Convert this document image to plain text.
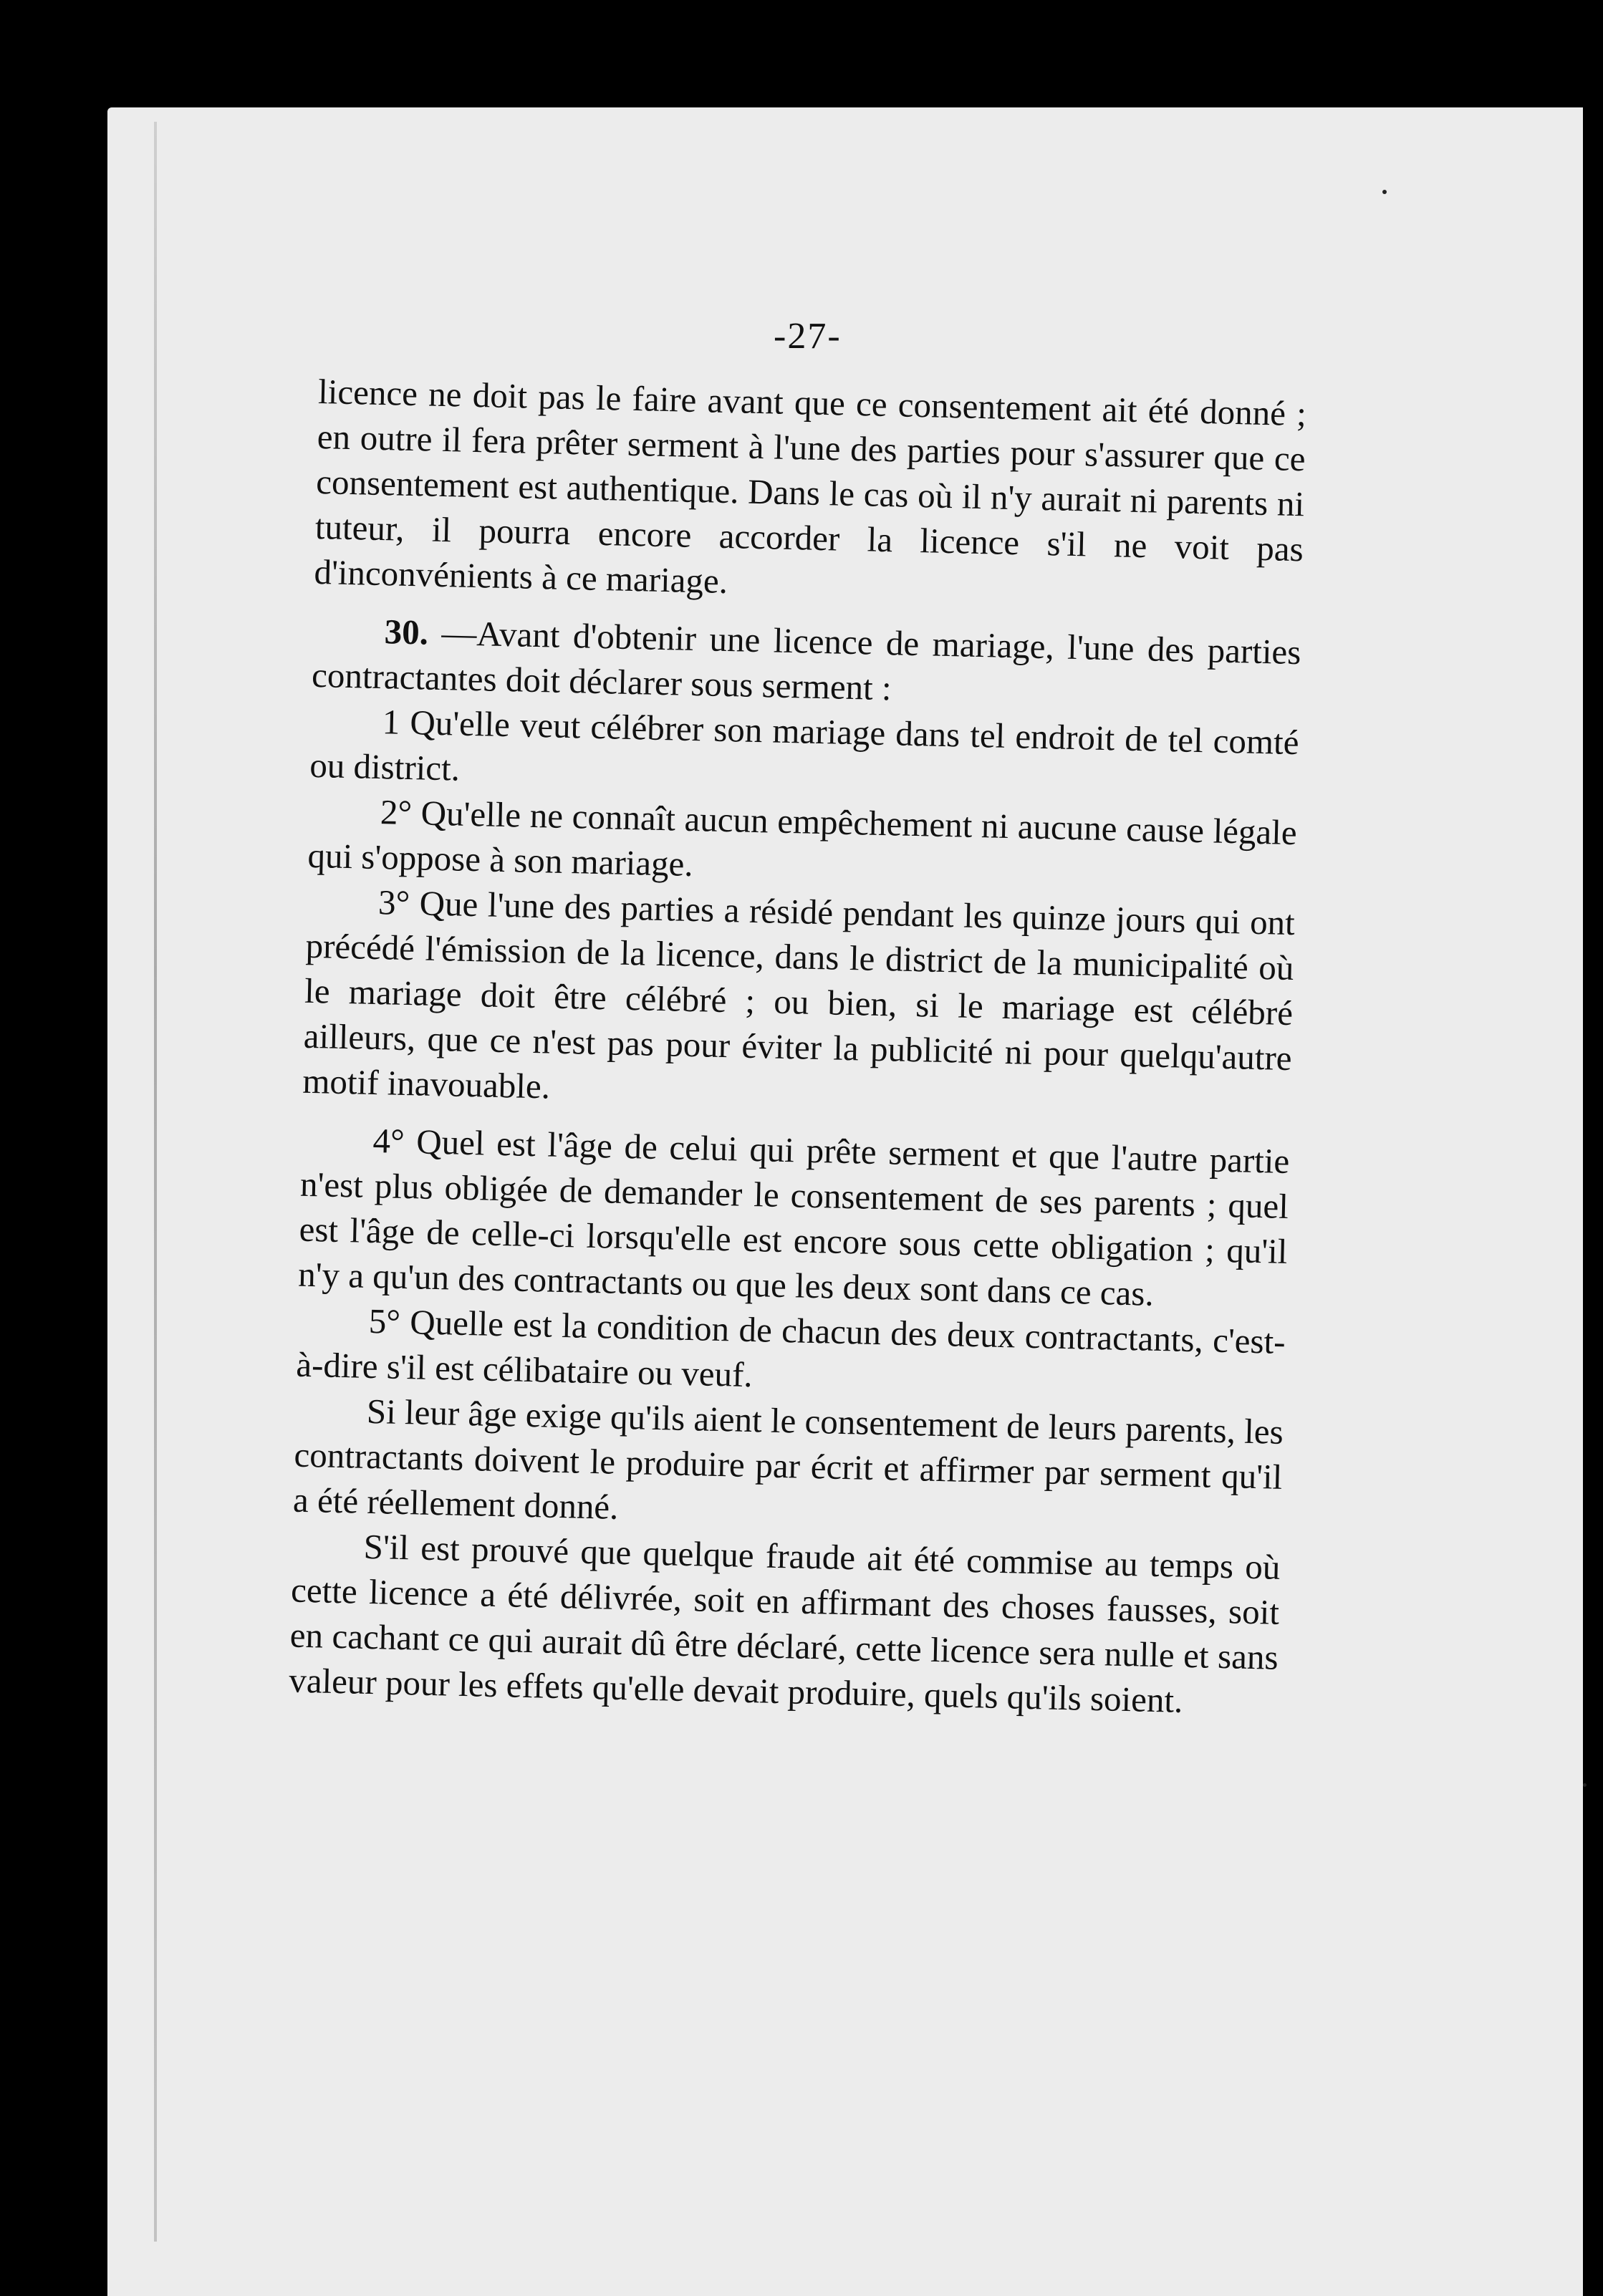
-27-

licence ne doit pas le faire avant que ce consentement ait été donné ; en outre il fera prêter serment à l'une des parties pour s'assurer que ce consentement est authentique. Dans le cas où il n'y aurait ni parents ni tuteur, il pourra encore accorder la licence s'il ne voit pas d'inconvénients à ce mariage.

30. —Avant d'obtenir une licence de mariage, l'une des parties contractantes doit déclarer sous serment :

1 Qu'elle veut célébrer son mariage dans tel endroit de tel comté ou district.

2° Qu'elle ne connaît aucun empêchement ni aucune cause légale qui s'oppose à son mariage.

3° Que l'une des parties a résidé pendant les quinze jours qui ont précédé l'émission de la licence, dans le district de la municipalité où le mariage doit être célébré ; ou bien, si le mariage est célébré ailleurs, que ce n'est pas pour éviter la publicité ni pour quelqu'autre motif inavouable.

4° Quel est l'âge de celui qui prête serment et que l'autre partie n'est plus obligée de demander le consentement de ses parents ; quel est l'âge de celle-ci lorsqu'elle est encore sous cette obligation ; qu'il n'y a qu'un des contractants ou que les deux sont dans ce cas.

5° Quelle est la condition de chacun des deux contractants, c'est-à-dire s'il est célibataire ou veuf.

Si leur âge exige qu'ils aient le consentement de leurs parents, les contractants doivent le produire par écrit et affirmer par serment qu'il a été réellement donné.

S'il est prouvé que quelque fraude ait été commise au temps où cette licence a été délivrée, soit en affirmant des choses fausses, soit en cachant ce qui aurait dû être déclaré, cette licence sera nulle et sans valeur pour les effets qu'elle devait produire, quels qu'ils soient.
